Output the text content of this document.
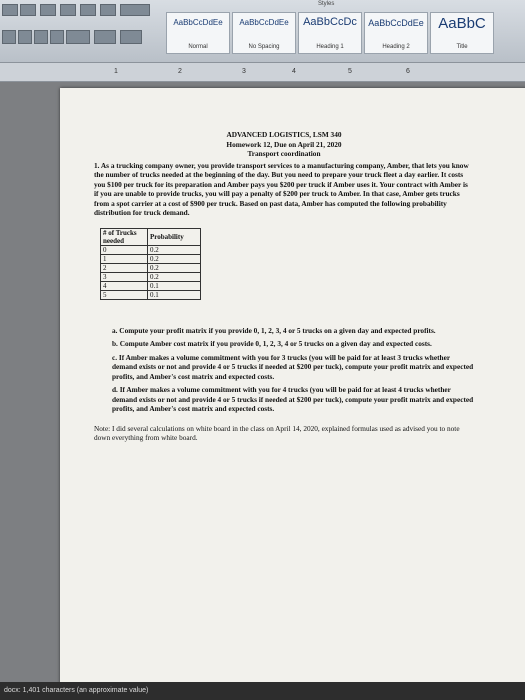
Styles
AaBbCcDdEe
Normal
AaBbCcDdEe
No Spacing
AaBbCcDc
Heading 1
AaBbCcDdEe
Heading 2
AaBbC
Title
1	2	3	4	5	6
ADVANCED LOGISTICS, LSM 340
Homework 12, Due on April 21, 2020
Transport coordination
1. As a trucking company owner, you provide transport services to a manufacturing company, Amber, that lets you know the number of trucks needed at the beginning of the day. But you need to prepare your truck fleet a day earlier. It costs you $100 per truck for its preparation and Amber pays you $200 per truck if Amber uses it. Your contract with Amber is if you are unable to provide trucks, you will pay a penalty of $200 per truck to Amber. In that case, Amber gets trucks from a spot carrier at a cost of $900 per truck. Based on past data, Amber has computed the following probability distribution for truck demand.
# of Trucks needed	Probability
0	0.2
1	0.2
2	0.2
3	0.2
4	0.1
5	0.1
a. Compute your profit matrix if you provide 0, 1, 2, 3, 4 or 5 trucks on a given day and expected profits.
b. Compute Amber cost matrix if you provide 0, 1, 2, 3, 4 or 5 trucks on a given day and expected costs.
c. If Amber makes a volume commitment with you for 3 trucks (you will be paid for at least 3 trucks whether demand exists or not and provide 4 or 5 trucks if needed at $200 per tuck), compute your profit matrix and expected profits, and Amber's cost matrix and expected costs.
d. If Amber makes a volume commitment with you for 4 trucks (you will be paid for at least 4 trucks whether demand exists or not and provide 4 or 5 trucks if needed at $200 per tuck), compute your profit matrix and expected profits, and Amber's cost matrix and expected costs.
Note: I did several calculations on white board in the class on April 14, 2020, explained formulas used as advised you to note down everything from white board.
docx: 1,401 characters (an approximate value)
